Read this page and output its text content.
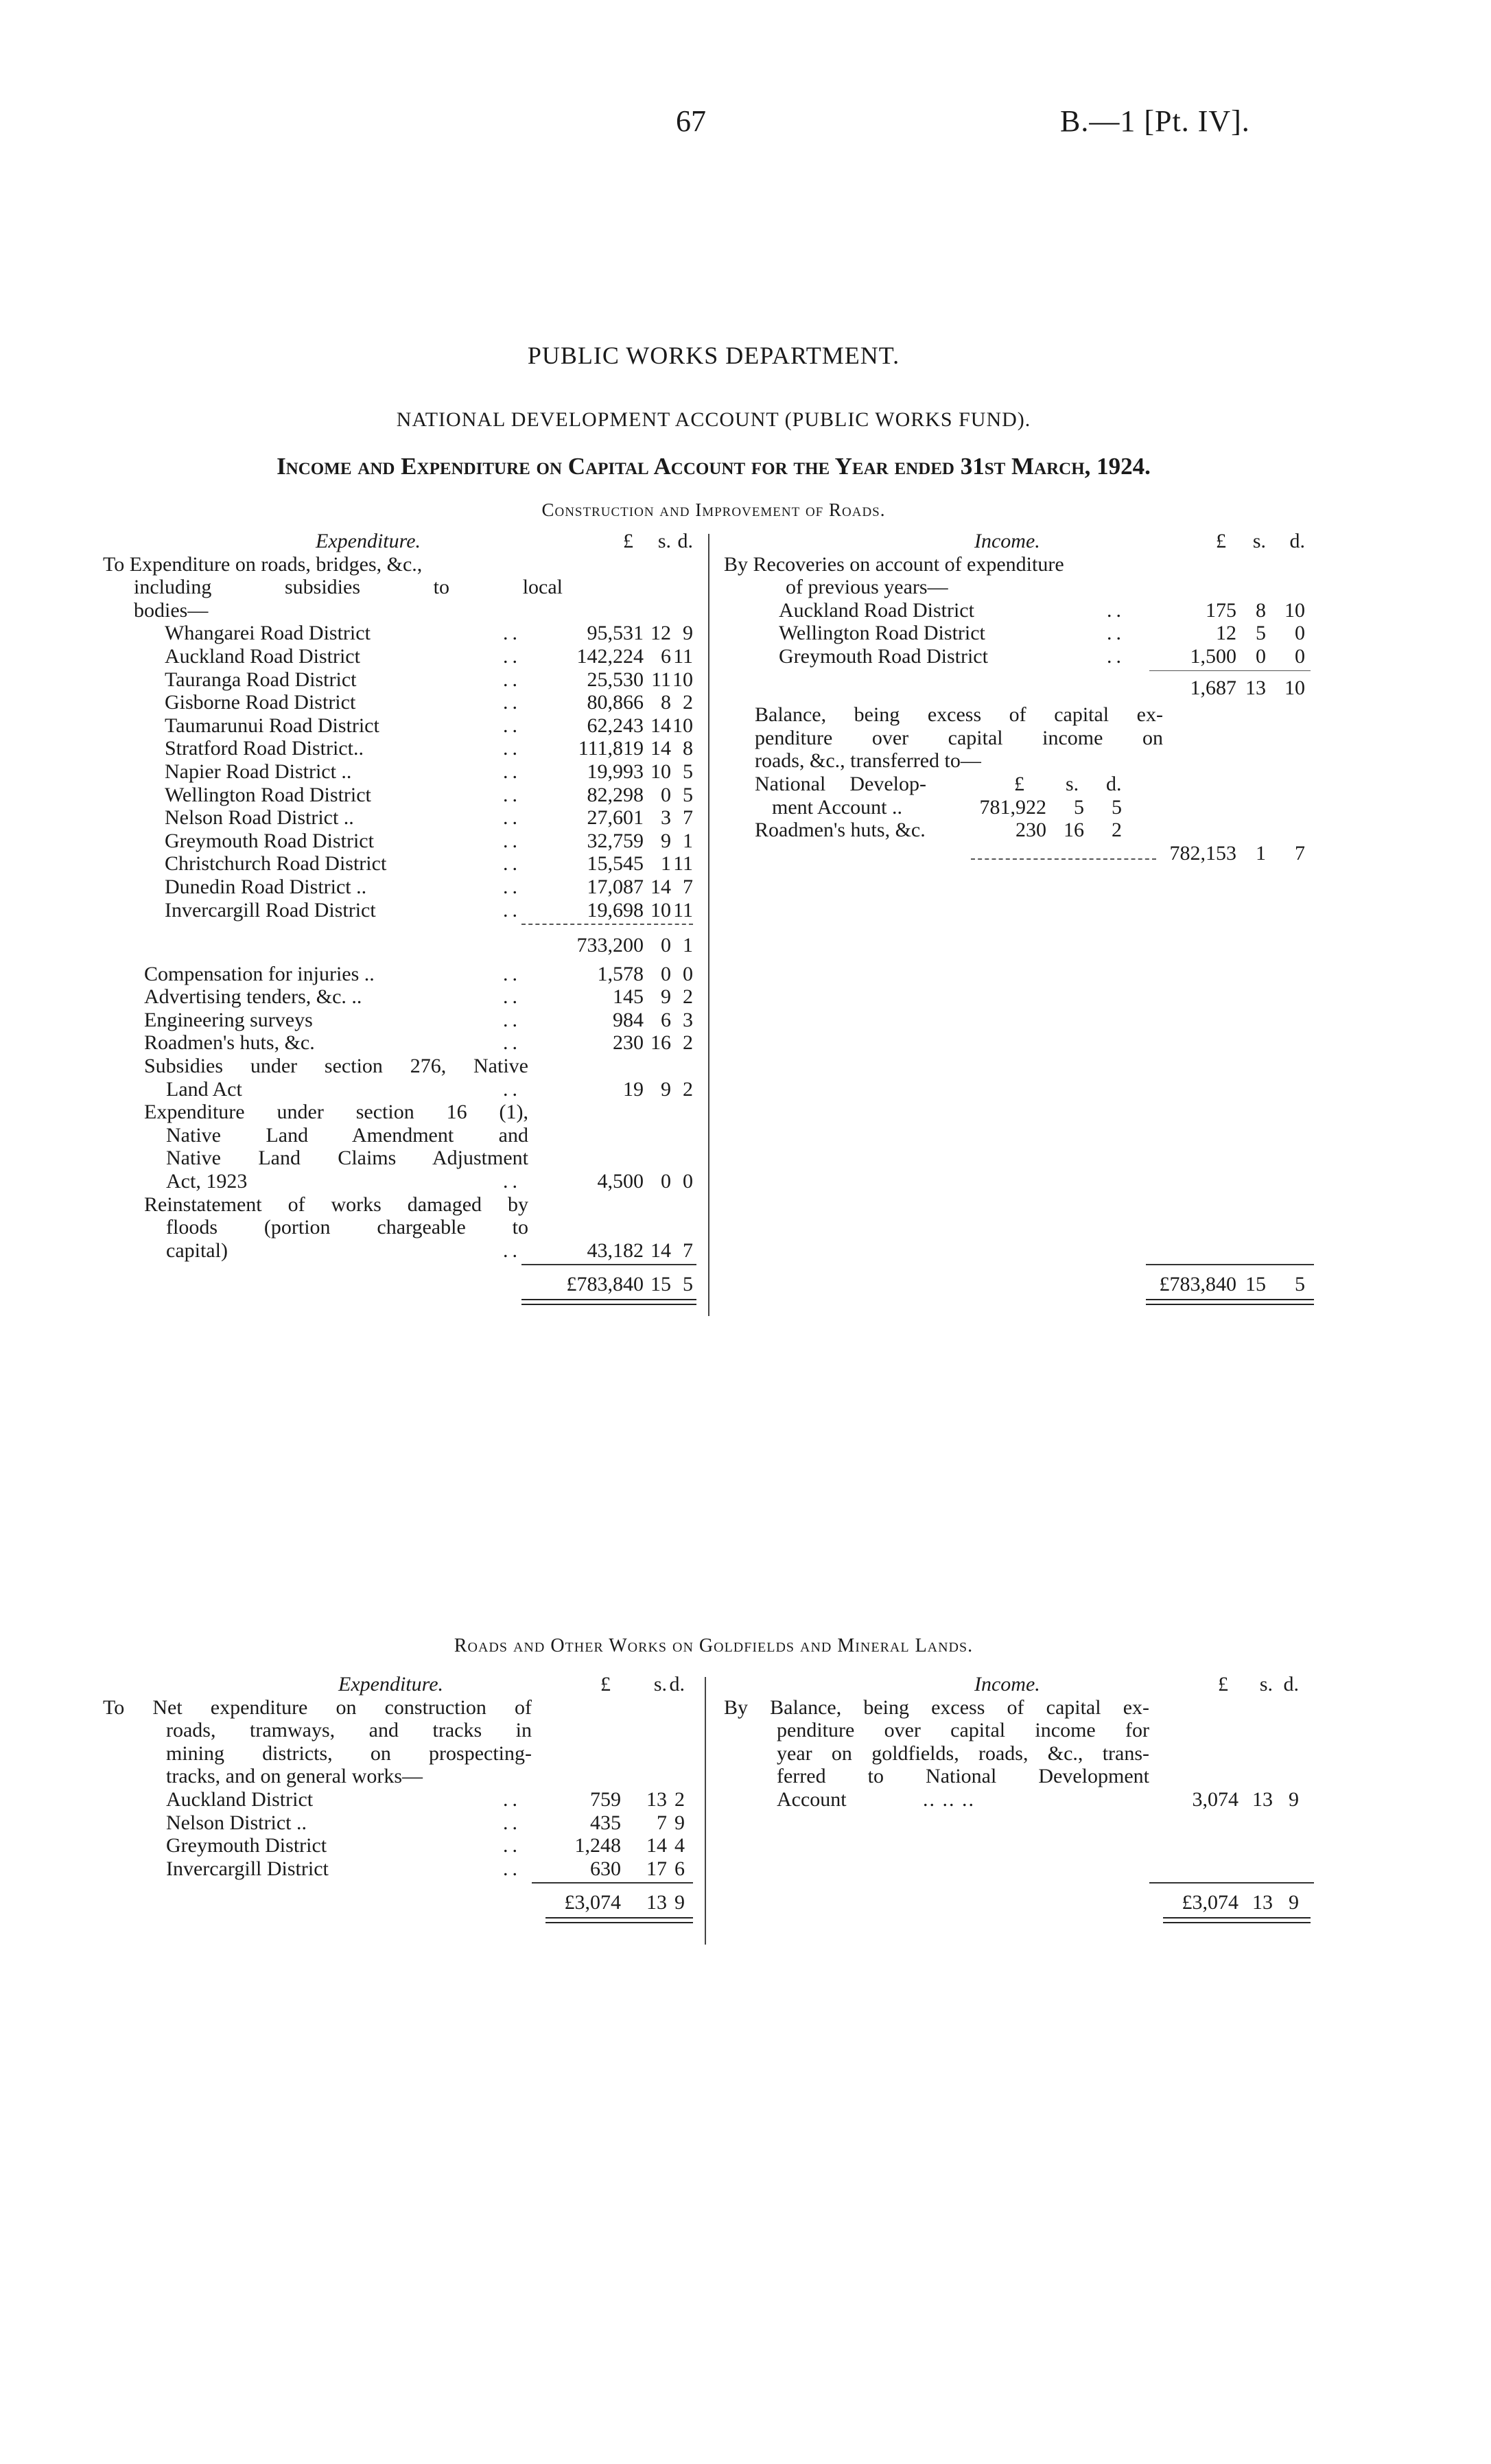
67	B.—1 [Pt. IV].
PUBLIC WORKS DEPARTMENT.
NATIONAL DEVELOPMENT ACCOUNT (PUBLIC WORKS FUND).
Income and Expenditure on Capital Account for the Year ended 31st March, 1924.
Construction and Improvement of Roads.
Roads and Other Works on Goldfields and Mineral Lands.
Expenditure.	£ s. d.
To Expenditure on roads, bridges, &c.,
including subsidies to local
bodies—
Whangarei Road District	..	95,531 12 9
Auckland Road District	..	142,224 6 11
Tauranga Road District	..	25,530 11 10
Gisborne Road District	..	80,866 8 2
Taumarunui Road District	..	62,243 14 10
Stratford Road District..	..	111,819 14 8
Napier Road District ..	..	19,993 10 5
Wellington Road District	..	82,298 0 5
Nelson Road District ..	..	27,601 3 7
Greymouth Road District	..	32,759 9 1
Christchurch Road District	..	15,545 1 11
Dunedin Road District ..	..	17,087 14 7
Invercargill Road District	..	19,698 10 11
733,200 0 1
Compensation for injuries ..	..	1,578 0 0
Advertising tenders, &c. ..	..	145 9 2
Engineering surveys	..	984 6 3
Roadmen's huts, &c.	..	230 16 2
Subsidies under section 276, Native
Land Act	..	19 9 2
Expenditure under section 16 (1),
Native Land Amendment and
Native Land Claims Adjustment
Act, 1923	..	4,500 0 0
Reinstatement of works damaged by
floods (portion chargeable to
capital)	..	43,182 14 7
£783,840 15 5
Income.	£ s. d.
By Recoveries on account of expenditure
of previous years—
Auckland Road District	..	175 8 10
Wellington Road District	..	12 5 0
Greymouth Road District	..	1,500 0 0
1,687 13 10
Balance, being excess of capital ex-
penditure over capital income on
roads, &c., transferred to—
National Develop-	£ s. d.
ment Account ..	781,922 5 5
Roadmen's huts, &c.	230 16 2
782,153 1 7
£783,840 15 5
Expenditure.	£ s. d.
To Net expenditure on construction of
roads, tramways, and tracks in
mining districts, on prospecting-
tracks, and on general works—
Auckland District	..	759 13 2
Nelson District ..	..	435 7 9
Greymouth District	..	1,248 14 4
Invercargill District	..	630 17 6
£3,074 13 9
Income.	£ s. d.
By Balance, being excess of capital ex-
penditure over capital income for
year on goldfields, roads, &c., trans-
ferred to National Development
Account	.. .. ..	3,074 13 9
£3,074 13 9
